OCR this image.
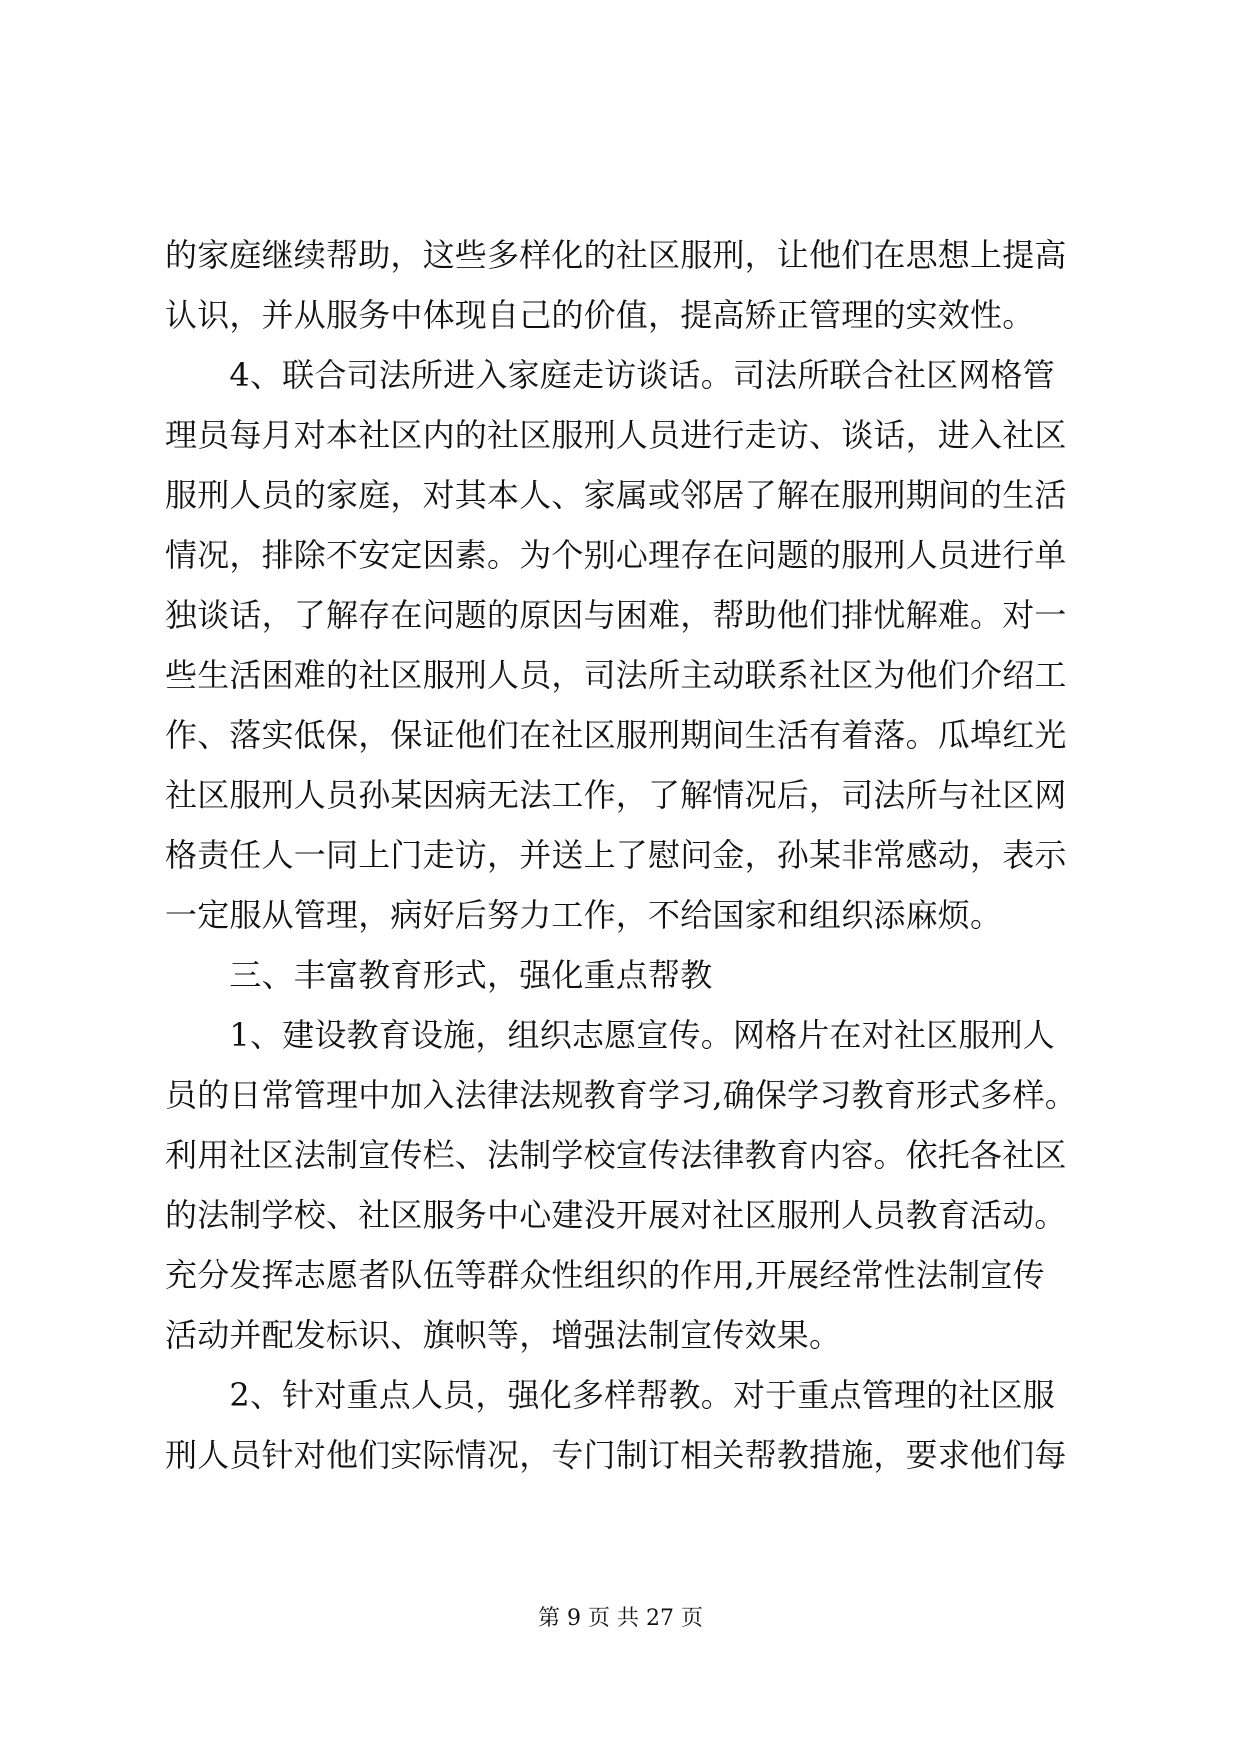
的家庭继续帮助，这些多样化的社区服刑，让他们在思想上提高
认识，并从服务中体现自己的价值，提高矫正管理的实效性。
　　4、联合司法所进入家庭走访谈话。司法所联合社区网格管
理员每月对本社区内的社区服刑人员进行走访、谈话，进入社区
服刑人员的家庭，对其本人、家属或邻居了解在服刑期间的生活
情况，排除不安定因素。为个别心理存在问题的服刑人员进行单
独谈话，了解存在问题的原因与困难，帮助他们排忧解难。对一
些生活困难的社区服刑人员，司法所主动联系社区为他们介绍工
作、落实低保，保证他们在社区服刑期间生活有着落。瓜埠红光
社区服刑人员孙某因病无法工作，了解情况后，司法所与社区网
格责任人一同上门走访，并送上了慰问金，孙某非常感动，表示
一定服从管理，病好后努力工作，不给国家和组织添麻烦。
　　三、丰富教育形式，强化重点帮教
　　1、建设教育设施，组织志愿宣传。网格片在对社区服刑人
员的日常管理中加入法律法规教育学习,确保学习教育形式多样。
利用社区法制宣传栏、法制学校宣传法律教育内容。依托各社区
的法制学校、社区服务中心建没开展对社区服刑人员教育活动。
充分发挥志愿者队伍等群众性组织的作用,开展经常性法制宣传
活动并配发标识、旗帜等，增强法制宣传效果。
　　2、针对重点人员，强化多样帮教。对于重点管理的社区服
刑人员针对他们实际情况，专门制订相关帮教措施，要求他们每
第 9 页 共 27 页
